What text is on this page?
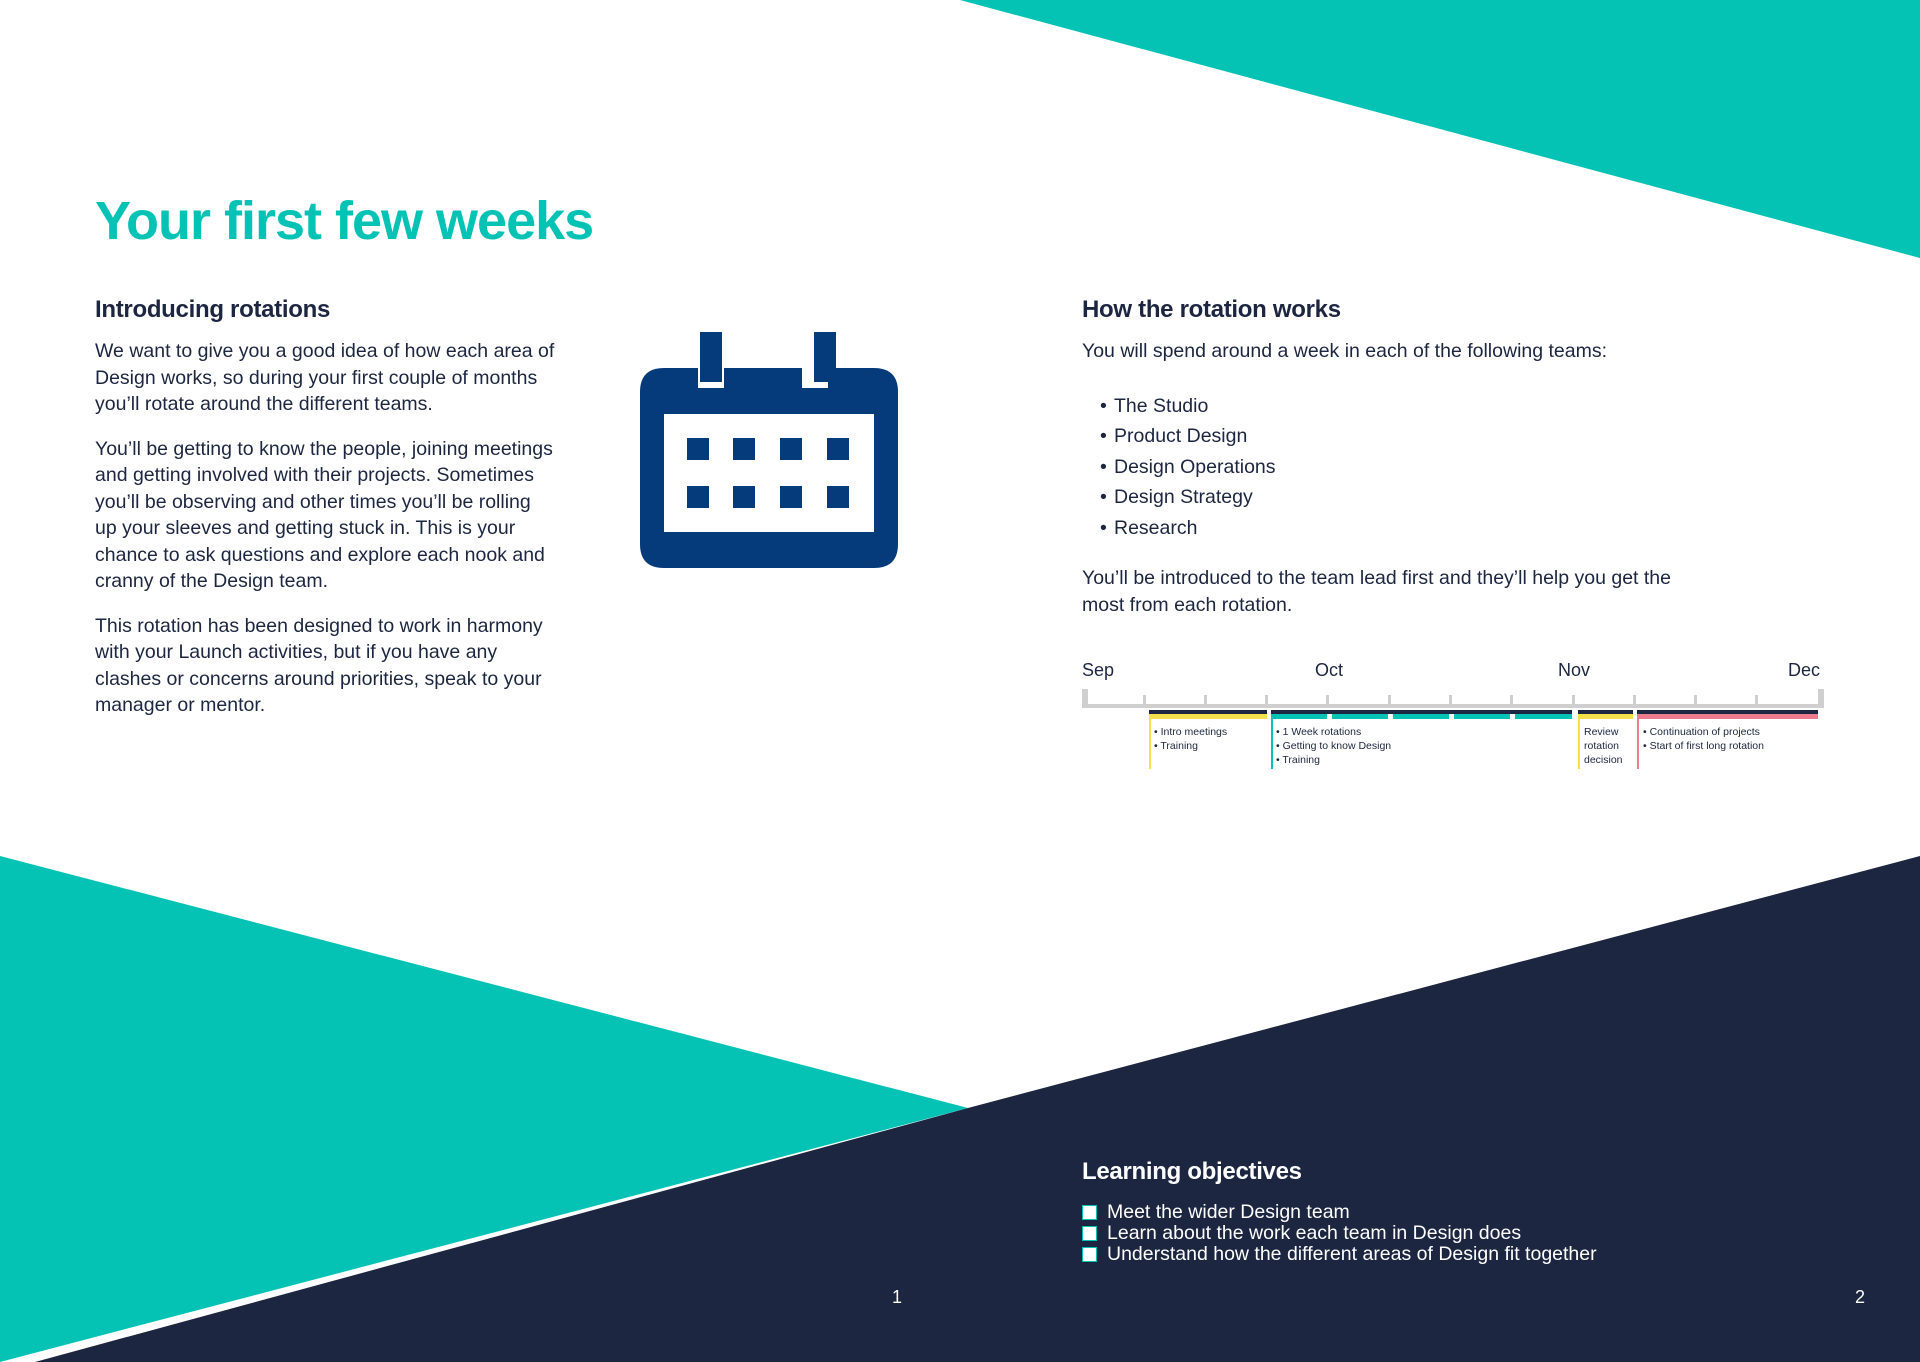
Your first few weeks
Introducing rotations

We want to give you a good idea of how each area of Design works, so during your first couple of months you’ll rotate around the different teams.

You’ll be getting to know the people, joining meetings and getting involved with their projects. Sometimes you’ll be observing and other times you’ll be rolling up your sleeves and getting stuck in. This is your chance to ask questions and explore each nook and cranny of the Design team.

This rotation has been designed to work in harmony with your Launch activities, but if you have any clashes or concerns around priorities, speak to your manager or mentor.

How the rotation works
You will spend around a week in each of the following teams:
• The Studio
• Product Design
• Design Operations
• Design Strategy
• Research
You’ll be introduced to the team lead first and they’ll help you get the most from each rotation.
Sep	Oct	Nov	Dec
• Intro meetings
• Training
• 1 Week rotations
• Getting to know Design
• Training
Review
rotation
decision
• Continuation of projects
• Start of first long rotation
Learning objectives
Meet the wider Design team
Learn about the work each team in Design does
Understand how the different areas of Design fit together
1	2
